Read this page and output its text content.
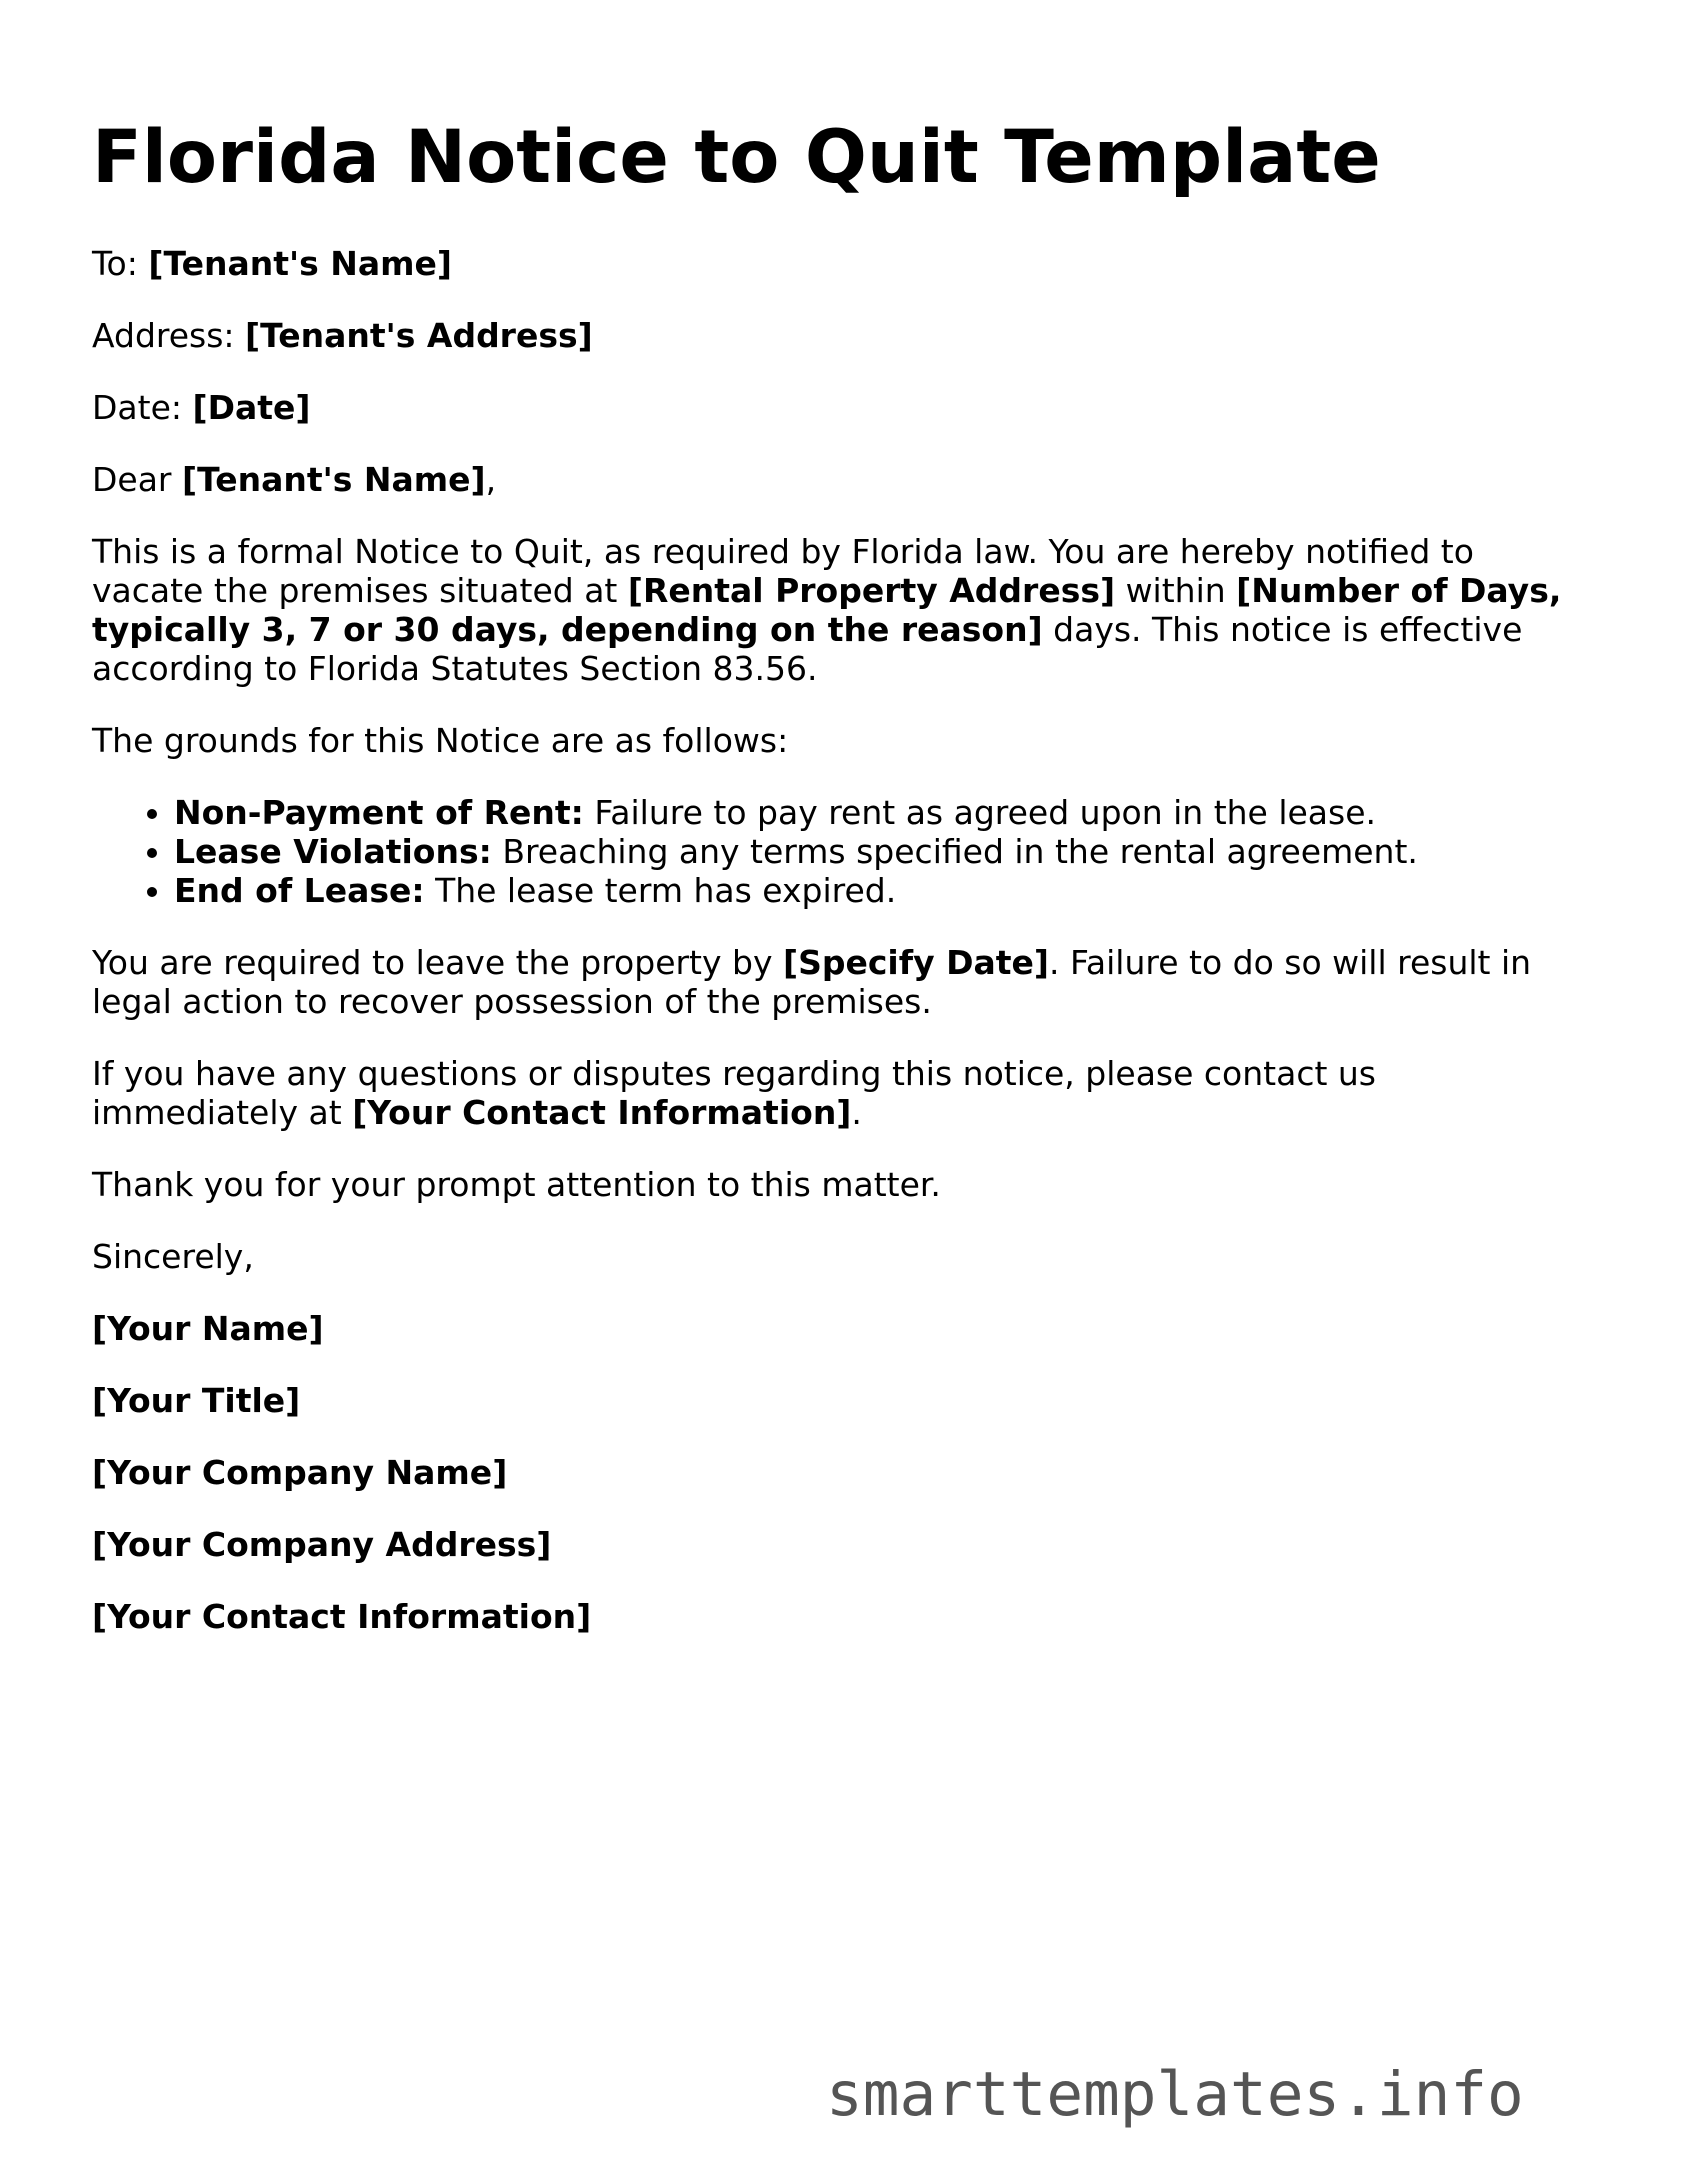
Florida Notice to Quit Template

To: [Tenant's Name]

Address: [Tenant's Address]

Date: [Date]

Dear [Tenant's Name],

This is a formal Notice to Quit, as required by Florida law. You are hereby notified to vacate the premises situated at [Rental Property Address] within [Number of Days, typically 3, 7 or 30 days, depending on the reason] days. This notice is effective according to Florida Statutes Section 83.56.

The grounds for this Notice are as follows:

• Non-Payment of Rent: Failure to pay rent as agreed upon in the lease.
• Lease Violations: Breaching any terms specified in the rental agreement.
• End of Lease: The lease term has expired.

You are required to leave the property by [Specify Date]. Failure to do so will result in legal action to recover possession of the premises.

If you have any questions or disputes regarding this notice, please contact us immediately at [Your Contact Information].

Thank you for your prompt attention to this matter.

Sincerely,

[Your Name]

[Your Title]

[Your Company Name]

[Your Company Address]

[Your Contact Information]

smarttemplates.info
